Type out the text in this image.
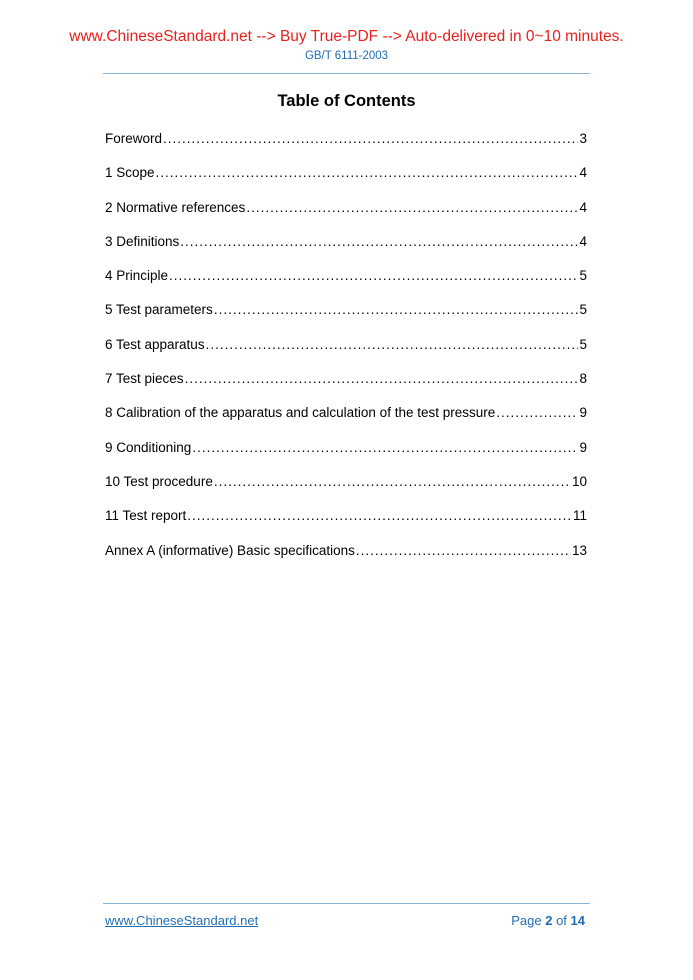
www.ChineseStandard.net --> Buy True-PDF --> Auto-delivered in 0~10 minutes.
GB/T 6111-2003
Table of Contents
Foreword .....	3
1 Scope .....	4
2 Normative references .....	4
3 Definitions .....	4
4 Principle .....	5
5 Test parameters .....	5
6 Test apparatus .....	5
7 Test pieces .....	8
8 Calibration of the apparatus and calculation of the test pressure .....	9
9 Conditioning .....	9
10 Test procedure .....	10
11 Test report .....	11
Annex A (informative) Basic specifications .....	13
www.ChineseStandard.net	Page 2 of 14
